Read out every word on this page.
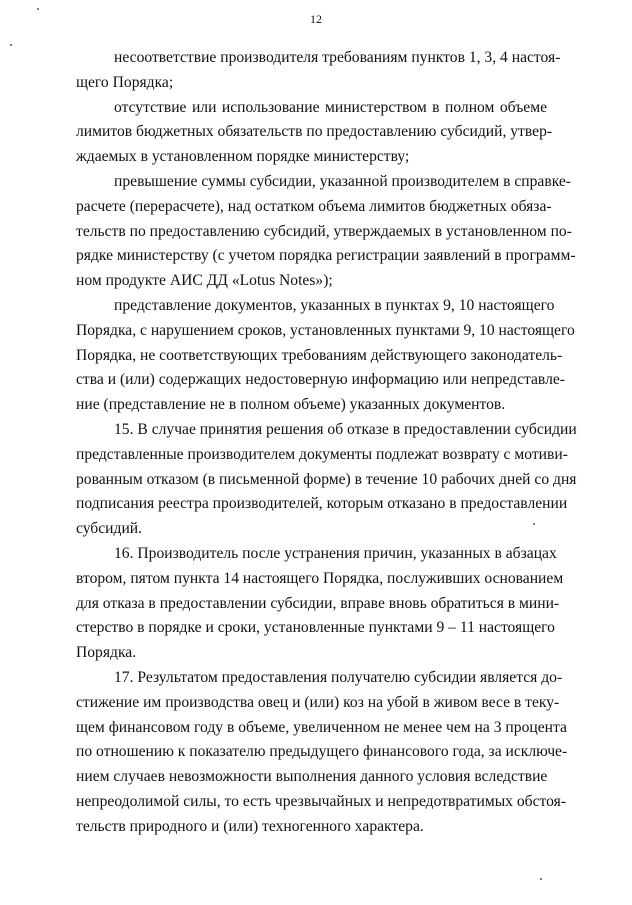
12
несоответствие производителя требованиям пунктов 1, 3, 4 настоя-
щего Порядка;
отсутствие или использование министерством в полном объеме
лимитов бюджетных обязательств по предоставлению субсидий, утвер-
ждаемых в установленном порядке министерству;
превышение суммы субсидии, указанной производителем в справке-
расчете (перерасчете), над остатком объема лимитов бюджетных обяза-
тельств по предоставлению субсидий, утверждаемых в установленном по-
рядке министерству (с учетом порядка регистрации заявлений в программ-
ном продукте АИС ДД «Lotus Notes»);
представление документов, указанных в пунктах 9, 10 настоящего
Порядка, с нарушением сроков, установленных пунктами 9, 10 настоящего
Порядка, не соответствующих требованиям действующего законодатель-
ства и (или) содержащих недостоверную информацию или непредставле-
ние (представление не в полном объеме) указанных документов.
15. В случае принятия решения об отказе в предоставлении субсидии
представленные производителем документы подлежат возврату с мотиви-
рованным отказом (в письменной форме) в течение 10 рабочих дней со дня
подписания реестра производителей, которым отказано в предоставлении
субсидий.
16. Производитель после устранения причин, указанных в абзацах
втором, пятом пункта 14 настоящего Порядка, послуживших основанием
для отказа в предоставлении субсидии, вправе вновь обратиться в мини-
стерство в порядке и сроки, установленные пунктами 9 – 11 настоящего
Порядка.
17. Результатом предоставления получателю субсидии является до-
стижение им производства овец и (или) коз на убой в живом весе в теку-
щем финансовом году в объеме, увеличенном не менее чем на 3 процента
по отношению к показателю предыдущего финансового года, за исключе-
нием случаев невозможности выполнения данного условия вследствие
непреодолимой силы, то есть чрезвычайных и непредотвратимых обстоя-
тельств природного и (или) техногенного характера.
